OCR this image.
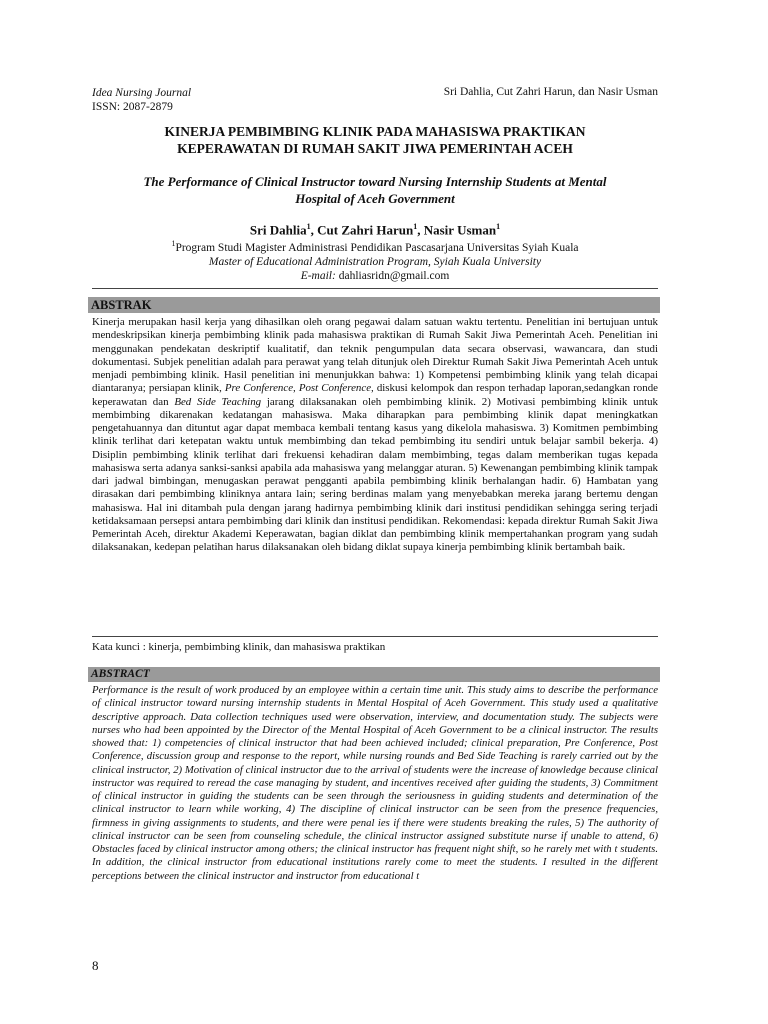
Idea Nursing Journal
ISSN: 2087-2879
Sri Dahlia, Cut Zahri Harun, dan Nasir Usman
KINERJA PEMBIMBING KLINIK PADA MAHASISWA PRAKTIKAN
KEPERAWATAN DI RUMAH SAKIT JIWA PEMERINTAH ACEH
The Performance of Clinical Instructor toward Nursing Internship Students at Mental
Hospital of Aceh Government
Sri Dahlia$^1$, Cut Zahri Harun$^1$, Nasir Usman$^1$
$^1$Program Studi Magister Administrasi Pendidikan Pascasarjana Universitas Syiah Kuala
Master of Educational Administration Program, Syiah Kuala University
E-mail: dahliasridn@gmail.com
ABSTRAK

Kinerja merupakan hasil kerja yang dihasilkan oleh orang pegawai dalam satuan waktu tertentu. Penelitian ini bertujuan untuk mendeskripsikan kinerja pembimbing klinik pada mahasiswa praktikan di Rumah Sakit Jiwa Pemerintah Aceh. Penelitian ini menggunakan pendekatan deskriptif kualitatif, dan teknik pengumpulan data secara observasi, wawancara, dan studi dokumentasi. Subjek penelitian adalah para perawat yang telah ditunjuk oleh Direktur Rumah Sakit Jiwa Pemerintah Aceh untuk menjadi pembimbing klinik. Hasil penelitian ini menunjukkan bahwa: 1) Kompetensi pembimbing klinik yang telah dicapai diantaranya; persiapan klinik, Pre Conference, Post Conference, diskusi kelompok dan respon terhadap laporan,sedangkan ronde keperawatan dan Bed Side Teaching jarang dilaksanakan oleh pembimbing klinik. 2) Motivasi pembimbing klinik untuk membimbing dikarenakan kedatangan mahasiswa. Maka diharapkan para pembimbing klinik dapat meningkatkan pengetahuannya dan dituntut agar dapat membaca kembali tentang kasus yang dikelola mahasiswa. 3) Komitmen pembimbing klinik terlihat dari ketepatan waktu untuk membimbing dan tekad pembimbing itu sendiri untuk belajar sambil bekerja. 4) Disiplin pembimbing klinik terlihat dari frekuensi kehadiran dalam membimbing, tegas dalam memberikan tugas kepada mahasiswa serta adanya sanksi-sanksi apabila ada mahasiswa yang melanggar aturan. 5) Kewenangan pembimbing klinik tampak dari jadwal bimbingan, menugaskan perawat pengganti apabila pembimbing klinik berhalangan hadir. 6) Hambatan yang dirasakan dari pembimbing kliniknya antara lain; sering berdinas malam yang menyebabkan mereka jarang bertemu dengan mahasiswa. Hal ini ditambah pula dengan jarang hadirnya pembimbing klinik dari institusi pendidikan sehingga sering terjadi ketidaksamaan persepsi antara pembimbing dari klinik dan institusi pendidikan. Rekomendasi: kepada direktur Rumah Sakit Jiwa Pemerintah Aceh, direktur Akademi Keperawatan, bagian diklat dan pembimbing klinik mempertahankan program yang sudah dilaksanakan, kedepan pelatihan harus dilaksanakan oleh bidang diklat supaya kinerja pembimbing klinik bertambah baik.

Kata kunci : kinerja, pembimbing klinik, dan mahasiswa praktikan
ABSTRACT

Performance is the result of work produced by an employee within a certain time unit. This study aims to describe the performance of clinical instructor toward nursing internship students in Mental Hospital of Aceh Government. This study used a qualitative descriptive approach. Data collection techniques used were observation, interview, and documentation study. The subjects were nurses who had been appointed by the Director of the Mental Hospital of Aceh Government to be a clinical instructor. The results showed that: 1) competencies of clinical instructor that had been achieved included; clinical preparation, Pre Conference, Post Conference, discussion group and response to the report, while nursing rounds and Bed Side Teaching is rarely carried out by the clinical instructor, 2) Motivation of clinical instructor due to the arrival of students were the increase of knowledge because clinical instructor was required to reread the case managing by student, and incentives received after guiding the students, 3) Commitment of clinical instructor in guiding the students can be seen through the seriousness in guiding students and determination of the clinical instructor to learn while working, 4) The discipline of clinical instructor can be seen from the presence frequencies, firmness in giving assignments to students, and there were penal ies if there were students breaking the rules, 5) The authority of clinical instructor can be seen from counseling schedule, the clinical instructor assigned substitute nurse if unable to attend, 6) Obstacles faced by clinical instructor among others; the clinical instructor has frequent night shift, so he rarely met with t students. In addition, the clinical instructor from educational institutions rarely come to meet the students. I resulted in the different perceptions between the clinical instructor and instructor from educational t

8
